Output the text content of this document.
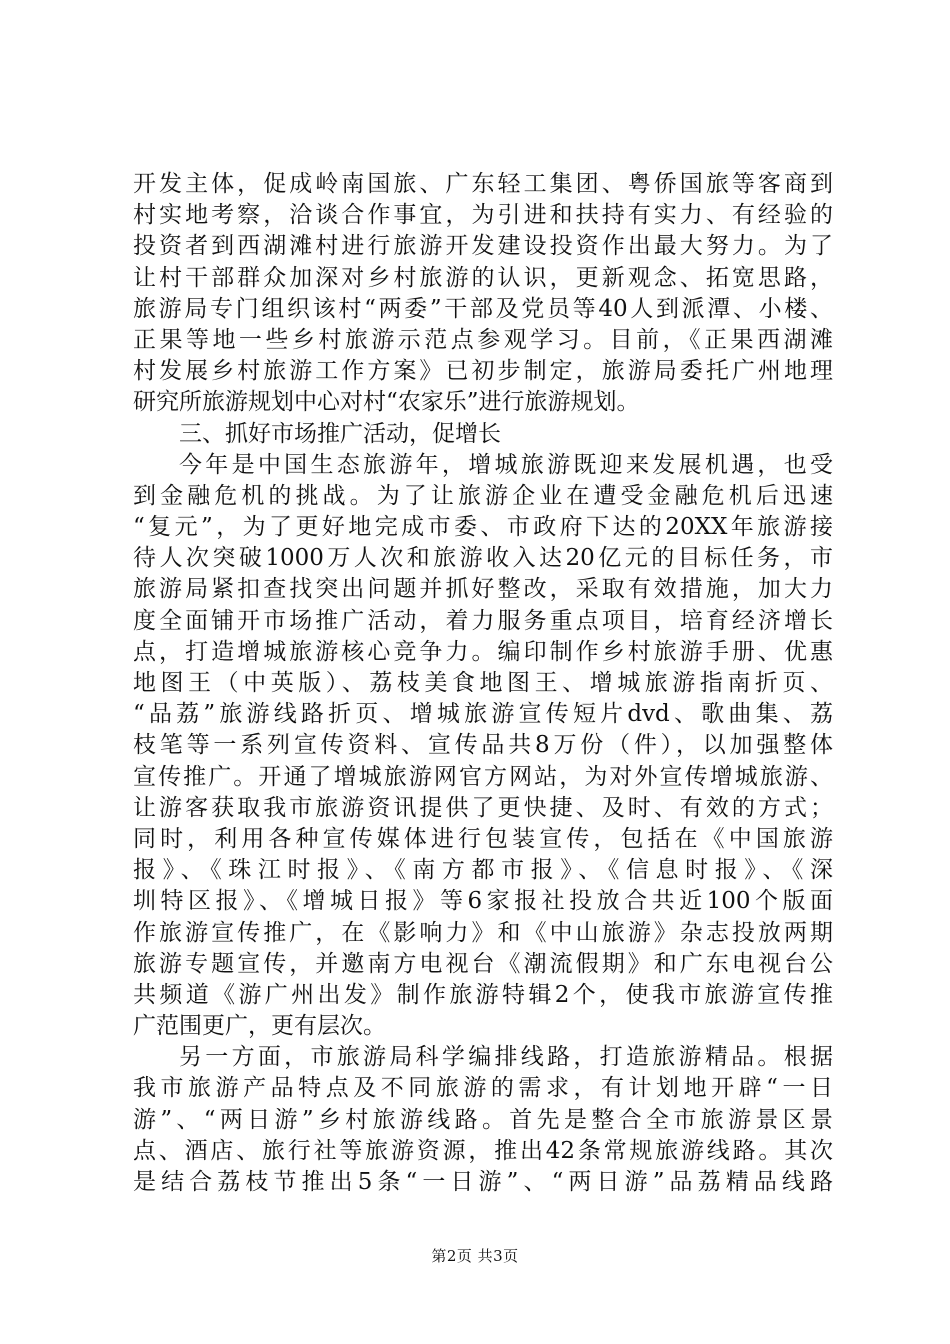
开发主体，促成岭南国旅、广东轻工集团、粤侨国旅等客商到
村实地考察，洽谈合作事宜，为引进和扶持有实力、有经验的
投资者到西湖滩村进行旅游开发建设投资作出最大努力。为了
让村干部群众加深对乡村旅游的认识，更新观念、拓宽思路，
旅游局专门组织该村“两委”干部及党员等40人到派潭、小楼、
正果等地一些乡村旅游示范点参观学习。目前，《正果西湖滩
村发展乡村旅游工作方案》已初步制定，旅游局委托广州地理
研究所旅游规划中心对村“农家乐”进行旅游规划。
三、抓好市场推广活动，促增长
今年是中国生态旅游年，增城旅游既迎来发展机遇，也受
到金融危机的挑战。为了让旅游企业在遭受金融危机后迅速
“复元”，为了更好地完成市委、市政府下达的20XX年旅游接
待人次突破1000万人次和旅游收入达20亿元的目标任务，市
旅游局紧扣查找突出问题并抓好整改，采取有效措施，加大力
度全面铺开市场推广活动，着力服务重点项目，培育经济增长
点，打造增城旅游核心竞争力。编印制作乡村旅游手册、优惠
地图王（中英版）、荔枝美食地图王、增城旅游指南折页、
“品荔”旅游线路折页、增城旅游宣传短片dvd、歌曲集、荔
枝笔等一系列宣传资料、宣传品共8万份（件），以加强整体
宣传推广。开通了增城旅游网官方网站，为对外宣传增城旅游、
让游客获取我市旅游资讯提供了更快捷、及时、有效的方式；
同时，利用各种宣传媒体进行包装宣传，包括在《中国旅游
报》、《珠江时报》、《南方都市报》、《信息时报》、《深
圳特区报》、《增城日报》等6家报社投放合共近100个版面
作旅游宣传推广，在《影响力》和《中山旅游》杂志投放两期
旅游专题宣传，并邀南方电视台《潮流假期》和广东电视台公
共频道《游广州出发》制作旅游特辑2个，使我市旅游宣传推
广范围更广，更有层次。
另一方面，市旅游局科学编排线路，打造旅游精品。根据
我市旅游产品特点及不同旅游的需求，有计划地开辟“一日
游”、“两日游”乡村旅游线路。首先是整合全市旅游景区景
点、酒店、旅行社等旅游资源，推出42条常规旅游线路。其次
是结合荔枝节推出5条“一日游”、“两日游”品荔精品线路
第2页 共3页
